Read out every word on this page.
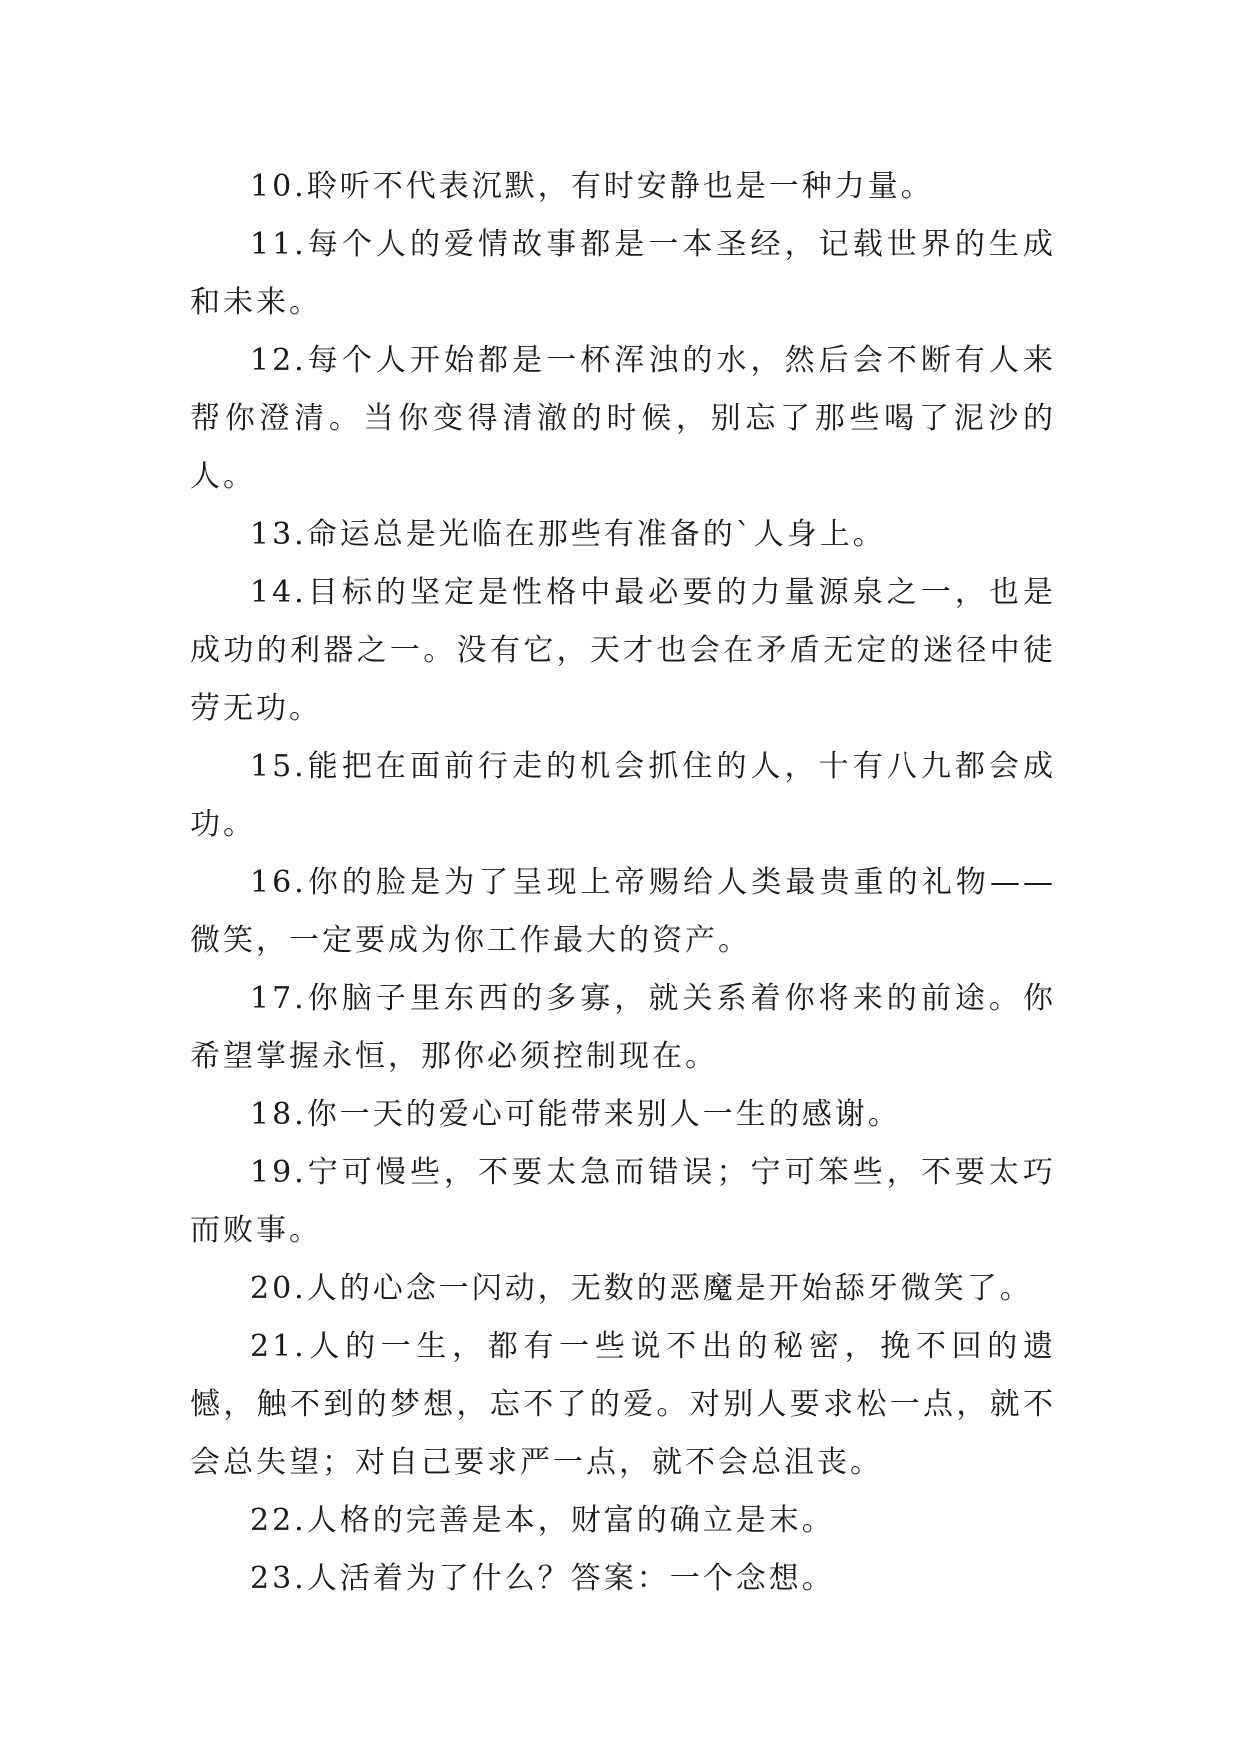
10.聆听不代表沉默，有时安静也是一种力量。

11.每个人的爱情故事都是一本圣经，记载世界的生成和未来。

12.每个人开始都是一杯浑浊的水，然后会不断有人来帮你澄清。当你变得清澈的时候，别忘了那些喝了泥沙的人。

13.命运总是光临在那些有准备的`人身上。

14.目标的坚定是性格中最必要的力量源泉之一，也是成功的利器之一。没有它，天才也会在矛盾无定的迷径中徒劳无功。

15.能把在面前行走的机会抓住的人，十有八九都会成功。

16.你的脸是为了呈现上帝赐给人类最贵重的礼物——微笑，一定要成为你工作最大的资产。

17.你脑子里东西的多寡，就关系着你将来的前途。你希望掌握永恒，那你必须控制现在。

18.你一天的爱心可能带来别人一生的感谢。

19.宁可慢些，不要太急而错误；宁可笨些，不要太巧而败事。

20.人的心念一闪动，无数的恶魔是开始舔牙微笑了。

21.人的一生，都有一些说不出的秘密，挽不回的遗憾，触不到的梦想，忘不了的爱。对别人要求松一点，就不会总失望；对自己要求严一点，就不会总沮丧。

22.人格的完善是本，财富的确立是末。

23.人活着为了什么？答案：一个念想。
